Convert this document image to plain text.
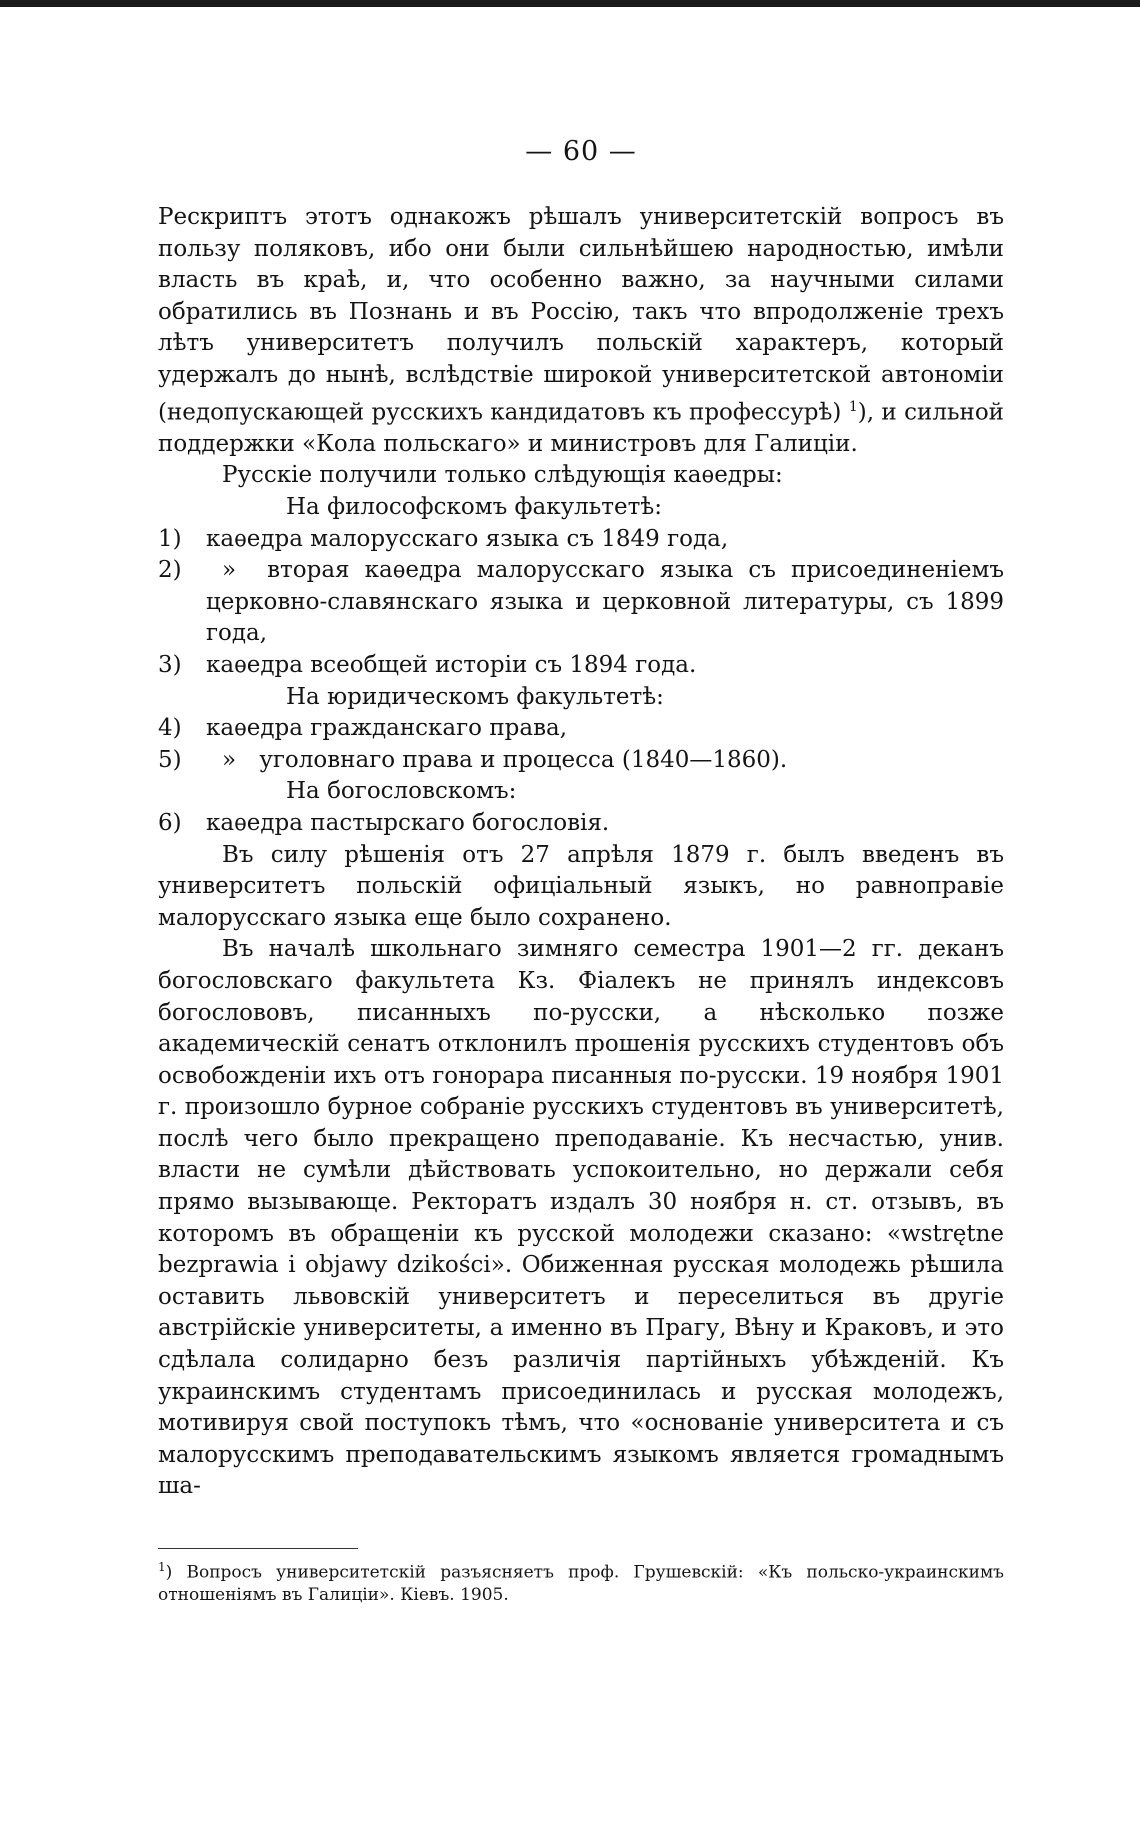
— 60 —

Рескриптъ этотъ однакожъ рѣшалъ университетскій вопросъ въ пользу поляковъ, ибо они были сильнѣйшею народностью, имѣли власть въ краѣ, и, что особенно важно, за научными силами обратились въ Познань и въ Россію, такъ что впродолженіе трехъ лѣтъ университетъ получилъ польскій характеръ, который удержалъ до нынѣ, вслѣдствіе широкой университетской автономіи (недопускающей русскихъ кандидатовъ къ профессурѣ) $^1$), и сильной поддержки «Кола польскаго» и министровъ для Галиціи.

Русскіе получили только слѣдующія каѳедры:

На философскомъ факультетѣ:

1)	каѳедра малорусскаго языка съ 1849 года,
2)	» вторая каѳедра малорусскаго языка съ присоединеніемъ церковно-славянскаго языка и церковной литературы, съ 1899 года,
3)	каѳедра всеобщей исторіи съ 1894 года.

На юридическомъ факультетѣ:

4)	каѳедра гражданскаго права,
5)	» уголовнаго права и процесса (1840—1860).

На богословскомъ:

6)	каѳедра пастырскаго богословія.

Въ силу рѣшенія отъ 27 апрѣля 1879 г. былъ введенъ въ университетъ польскій офиціальный языкъ, но равноправіе малорусскаго языка еще было сохранено.

Въ началѣ школьнаго зимняго семестра 1901—2 гг. деканъ богословскаго факультета Кз. Фіалекъ не принялъ индексовъ богослововъ, писанныхъ по-русски, а нѣсколько позже академическій сенатъ отклонилъ прошенія русскихъ студентовъ объ освобожденіи ихъ отъ гонорара писанныя по-русски. 19 ноября 1901 г. произошло бурное собраніе русскихъ студентовъ въ университетѣ, послѣ чего было прекращено преподаваніе. Къ несчастью, унив. власти не сумѣли дѣйствовать успокоительно, но держали себя прямо вызывающе. Ректоратъ издалъ 30 ноября н. ст. отзывъ, въ которомъ въ обращеніи къ русской молодежи сказано: «wstrętne bezprawia i objawy dzikości». Обиженная русская молодежь рѣшила оставить львовскій университетъ и переселиться въ другіе австрійскіе университеты, а именно въ Прагу, Вѣну и Краковъ, и это сдѣлала солидарно безъ различія партійныхъ убѣжденій. Къ украинскимъ студентамъ присоединилась и русская молодежъ, мотивируя свой поступокъ тѣмъ, что «основаніе университета и съ малорусскимъ преподавательскимъ языкомъ является громаднымъ ша-

$^1$) Вопросъ университетскій разъясняетъ проф. Грушевскій: «Къ польско-украинскимъ отношеніямъ въ Галиціи». Кіевъ. 1905.
